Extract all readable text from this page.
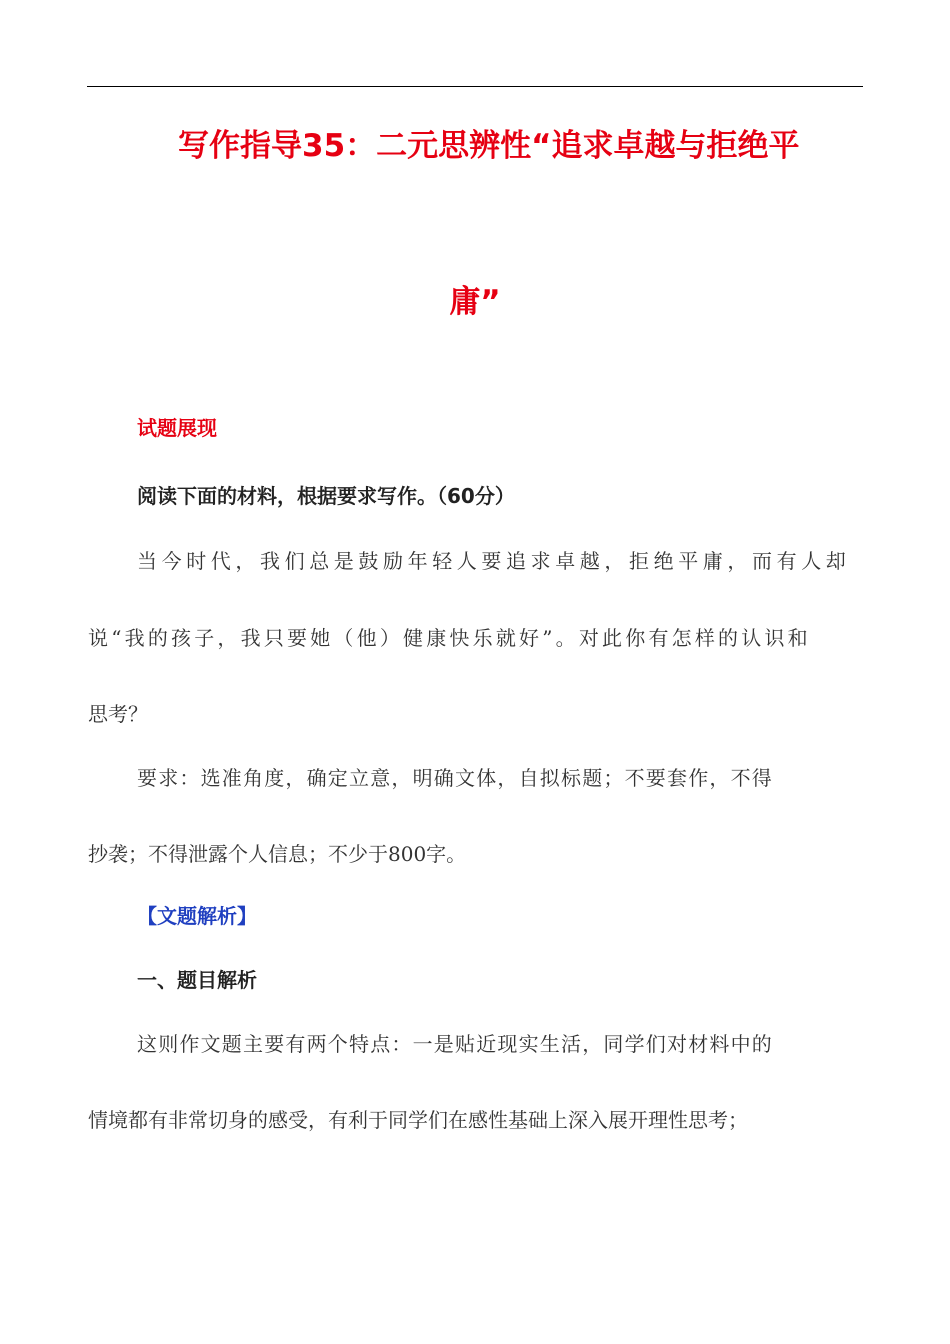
写作指导35：二元思辨性“追求卓越与拒绝平
庸”
试题展现
阅读下面的材料，根据要求写作。（60分）
当今时代，我们总是鼓励年轻人要追求卓越，拒绝平庸，而有人却
说“我的孩子，我只要她（他）健康快乐就好”。对此你有怎样的认识和
思考？
要求：选准角度，确定立意，明确文体，自拟标题；不要套作，不得
抄袭；不得泄露个人信息；不少于800字。
【文题解析】
一、题目解析
这则作文题主要有两个特点：一是贴近现实生活，同学们对材料中的
情境都有非常切身的感受，有利于同学们在感性基础上深入展开理性思考；
